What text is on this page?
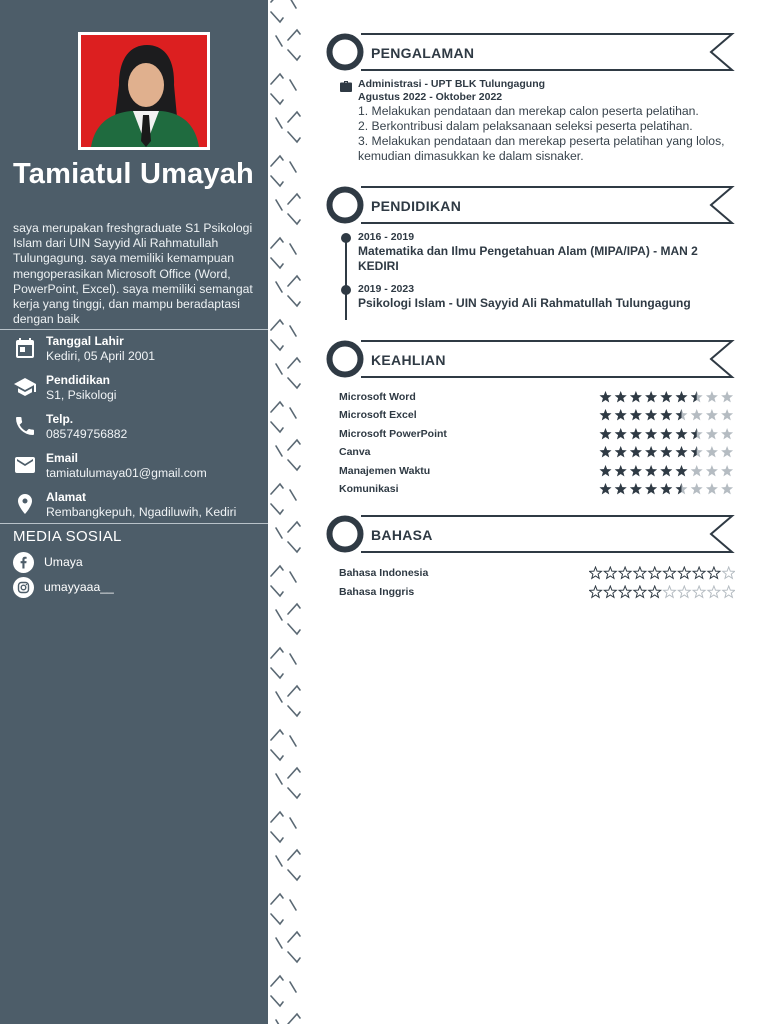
Tamiatul Umayah
saya merupakan freshgraduate S1 Psikologi Islam dari UIN Sayyid Ali Rahmatullah Tulungagung. saya memiliki kemampuan mengoperasikan Microsoft Office (Word, PowerPoint, Excel). saya memiliki semangat kerja yang tinggi, dan mampu beradaptasi dengan baik
Tanggal Lahir
Kediri, 05 April 2001
Pendidikan
S1, Psikologi
Telp.
085749756882
Email
tamiatulumaya01@gmail.com
Alamat
Rembangkepuh, Ngadiluwih, Kediri
MEDIA SOSIAL
Umaya
umayyaaa__
PENGALAMAN
Administrasi - UPT BLK Tulungagung
Agustus 2022 - Oktober 2022
1. Melakukan pendataan dan merekap calon peserta pelatihan.
2. Berkontribusi dalam pelaksanaan seleksi peserta pelatihan.
3. Melakukan pendataan dan merekap peserta pelatihan yang lolos, kemudian dimasukkan ke dalam sisnaker.
PENDIDIKAN
2016 - 2019
Matematika dan Ilmu Pengetahuan Alam (MIPA/IPA) - MAN 2 KEDIRI
2019 - 2023
Psikologi Islam - UIN Sayyid Ali Rahmatullah Tulungagung
KEAHLIAN
Microsoft Word
Microsoft Excel
Microsoft PowerPoint
Canva
Manajemen Waktu
Komunikasi
BAHASA
Bahasa Indonesia
Bahasa Inggris
